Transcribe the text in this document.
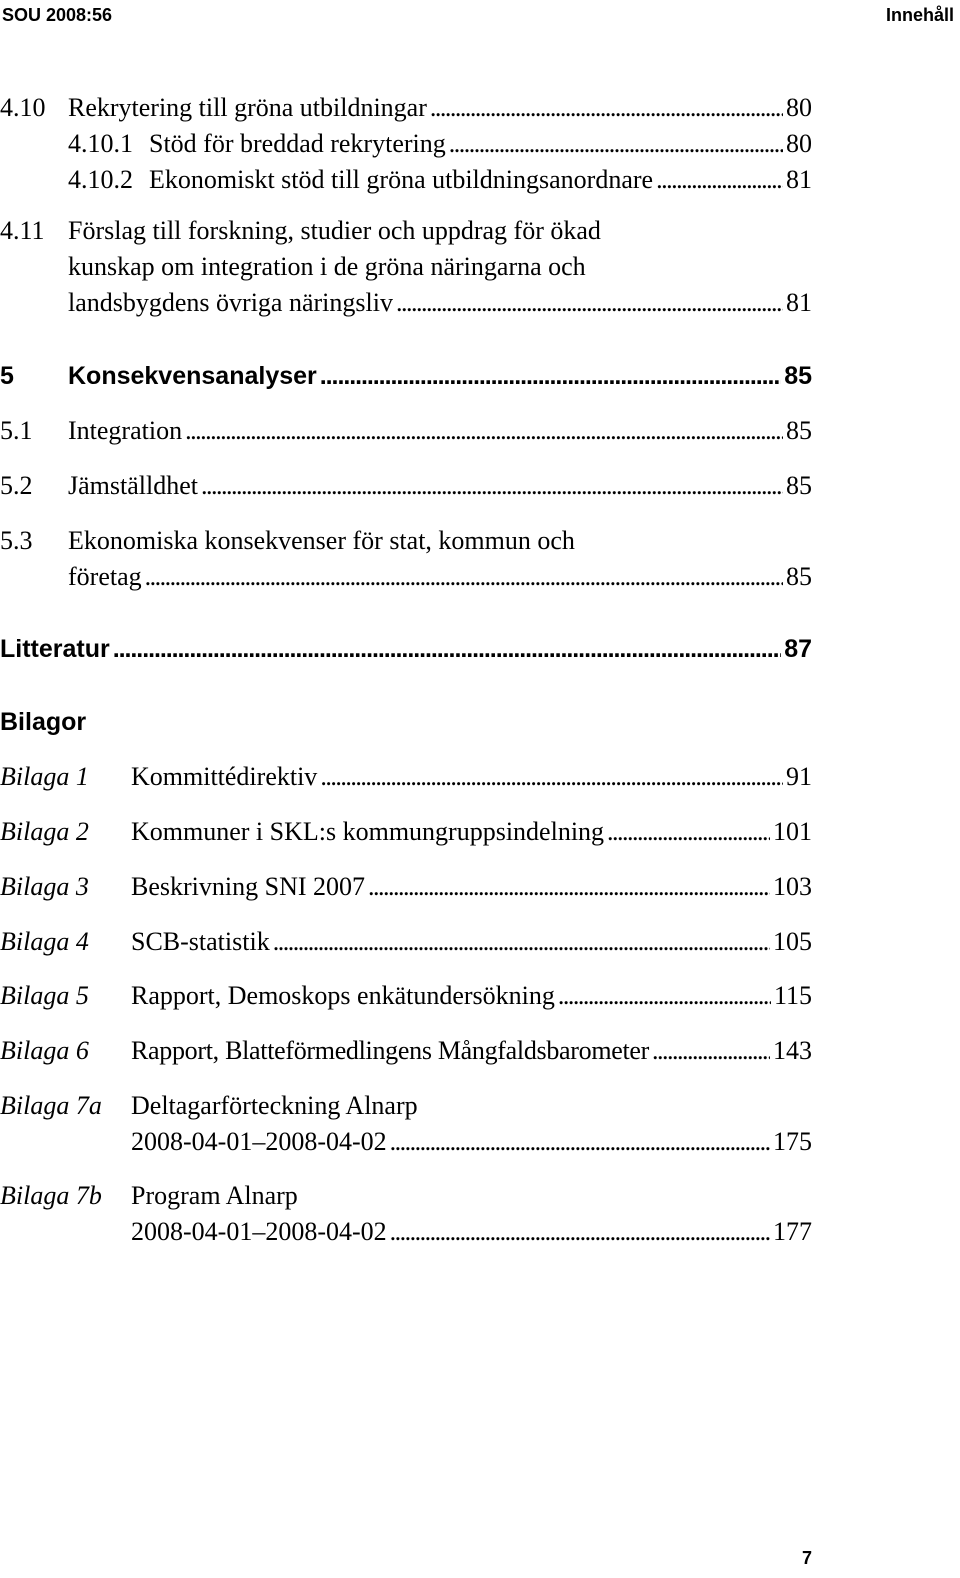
SOU 2008:56	Innehåll
4.10 Rekrytering till gröna utbildningar . . .	80
4.10.1 Stöd för breddad rekrytering . . .	80
4.10.2 Ekonomiskt stöd till gröna utbildningsanordnare . . .	81
4.11 Förslag till forskning, studier och uppdrag för ökad
kunskap om integration i de gröna näringarna och
landsbygdens övriga näringsliv . . .	81
5	Konsekvensanalyser . . .	85
5.1	Integration . . .	85
5.2	Jämställdhet . . .	85
5.3	Ekonomiska konsekvenser för stat, kommun och
företag . . .	85
Litteratur . . .	87
Bilagor
Bilaga 1	Kommittédirektiv . . .	91
Bilaga 2	Kommuner i SKL:s kommungruppsindelning . . .	101
Bilaga 3	Beskrivning SNI 2007 . . .	103
Bilaga 4	SCB-statistik . . .	105
Bilaga 5	Rapport, Demoskops enkätundersökning . . .	115
Bilaga 6	Rapport, Blatteförmedlingens Mångfaldsbarometer . . .	143
Bilaga 7a	Deltagarförteckning Alnarp
2008-04-01–2008-04-02 . . .	175
Bilaga 7b	Program Alnarp
2008-04-01–2008-04-02 . . .	177
7
